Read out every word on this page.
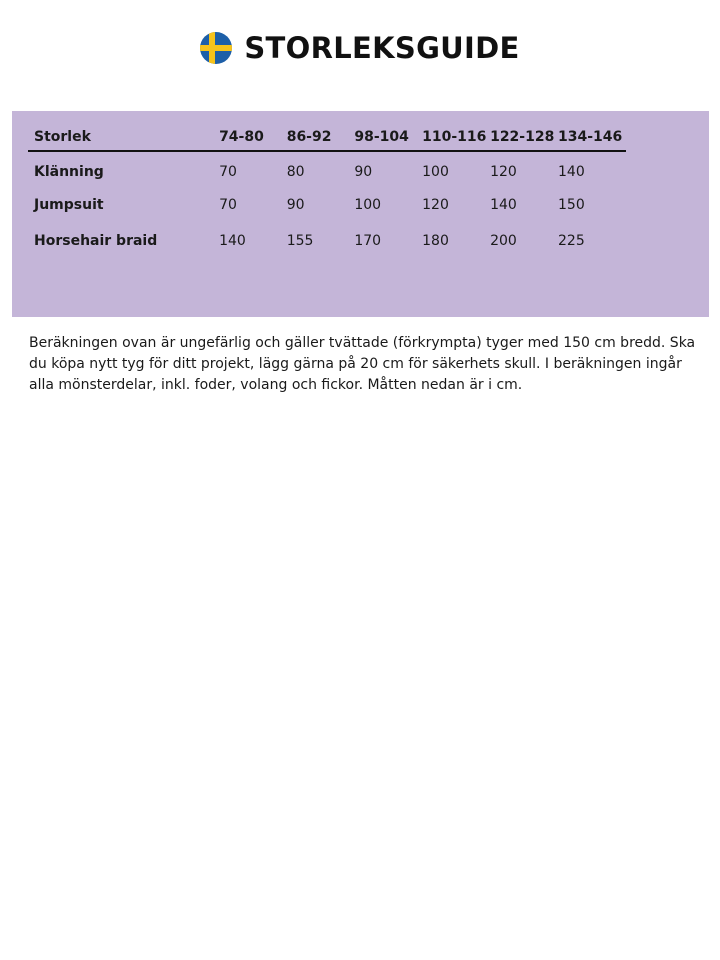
STORLEKSGUIDE
Storlek	74-80	86-92	98-104	110-116	122-128	134-146
Klänning	70	80	90	100	120	140
Jumpsuit	70	90	100	120	140	150
Horsehair braid	140	155	170	180	200	225

Beräkningen ovan är ungefärlig och gäller tvättade (förkrympta) tyger med 150 cm bredd. Ska du köpa nytt tyg för ditt projekt, lägg gärna på 20 cm för säkerhets skull. I beräkningen ingår alla mönsterdelar, inkl. foder, volang och fickor. Måtten nedan är i cm.
